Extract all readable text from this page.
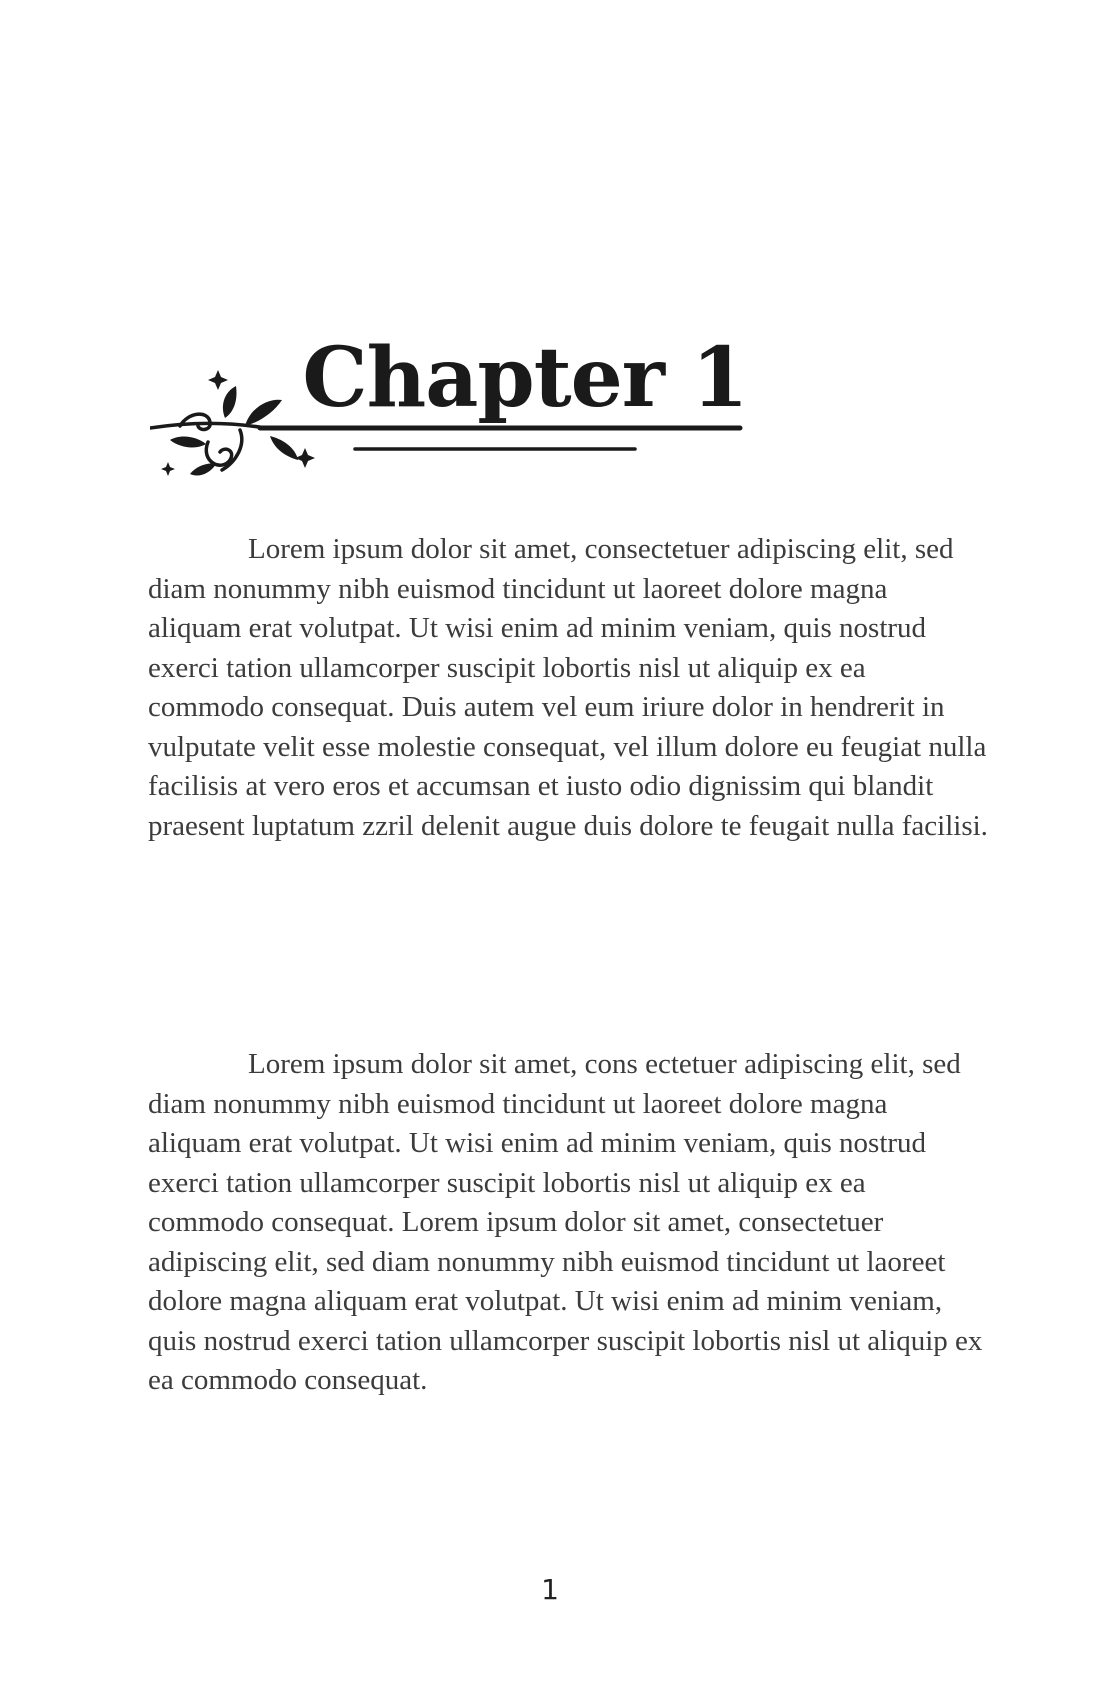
Chapter 1

Lorem ipsum dolor sit amet, consectetuer adipiscing elit, sed diam nonummy nibh euismod tincidunt ut laoreet dolore magna aliquam erat volutpat. Ut wisi enim ad minim veniam, quis nostrud exerci tation ullamcorper suscipit lobortis nisl ut aliquip ex ea commodo consequat. Duis autem vel eum iriure dolor in hendrerit in vulputate velit esse molestie consequat, vel illum dolore eu feugiat nulla facilisis at vero eros et accumsan et iusto odio dignissim qui blandit praesent luptatum zzril delenit augue duis dolore te feugait nulla facilisi.

Lorem ipsum dolor sit amet, cons ectetuer adipiscing elit, sed diam nonummy nibh euismod tincidunt ut laoreet dolore magna aliquam erat volutpat. Ut wisi enim ad minim veniam, quis nostrud exerci tation ullamcorper suscipit lobortis nisl ut aliquip ex ea commodo consequat. Lorem ipsum dolor sit amet, consectetuer adipiscing elit, sed diam nonummy nibh euismod tincidunt ut laoreet dolore magna aliquam erat volutpat. Ut wisi enim ad minim veniam, quis nostrud exerci tation ullamcorper suscipit lobortis nisl ut aliquip ex ea commodo consequat.

1
